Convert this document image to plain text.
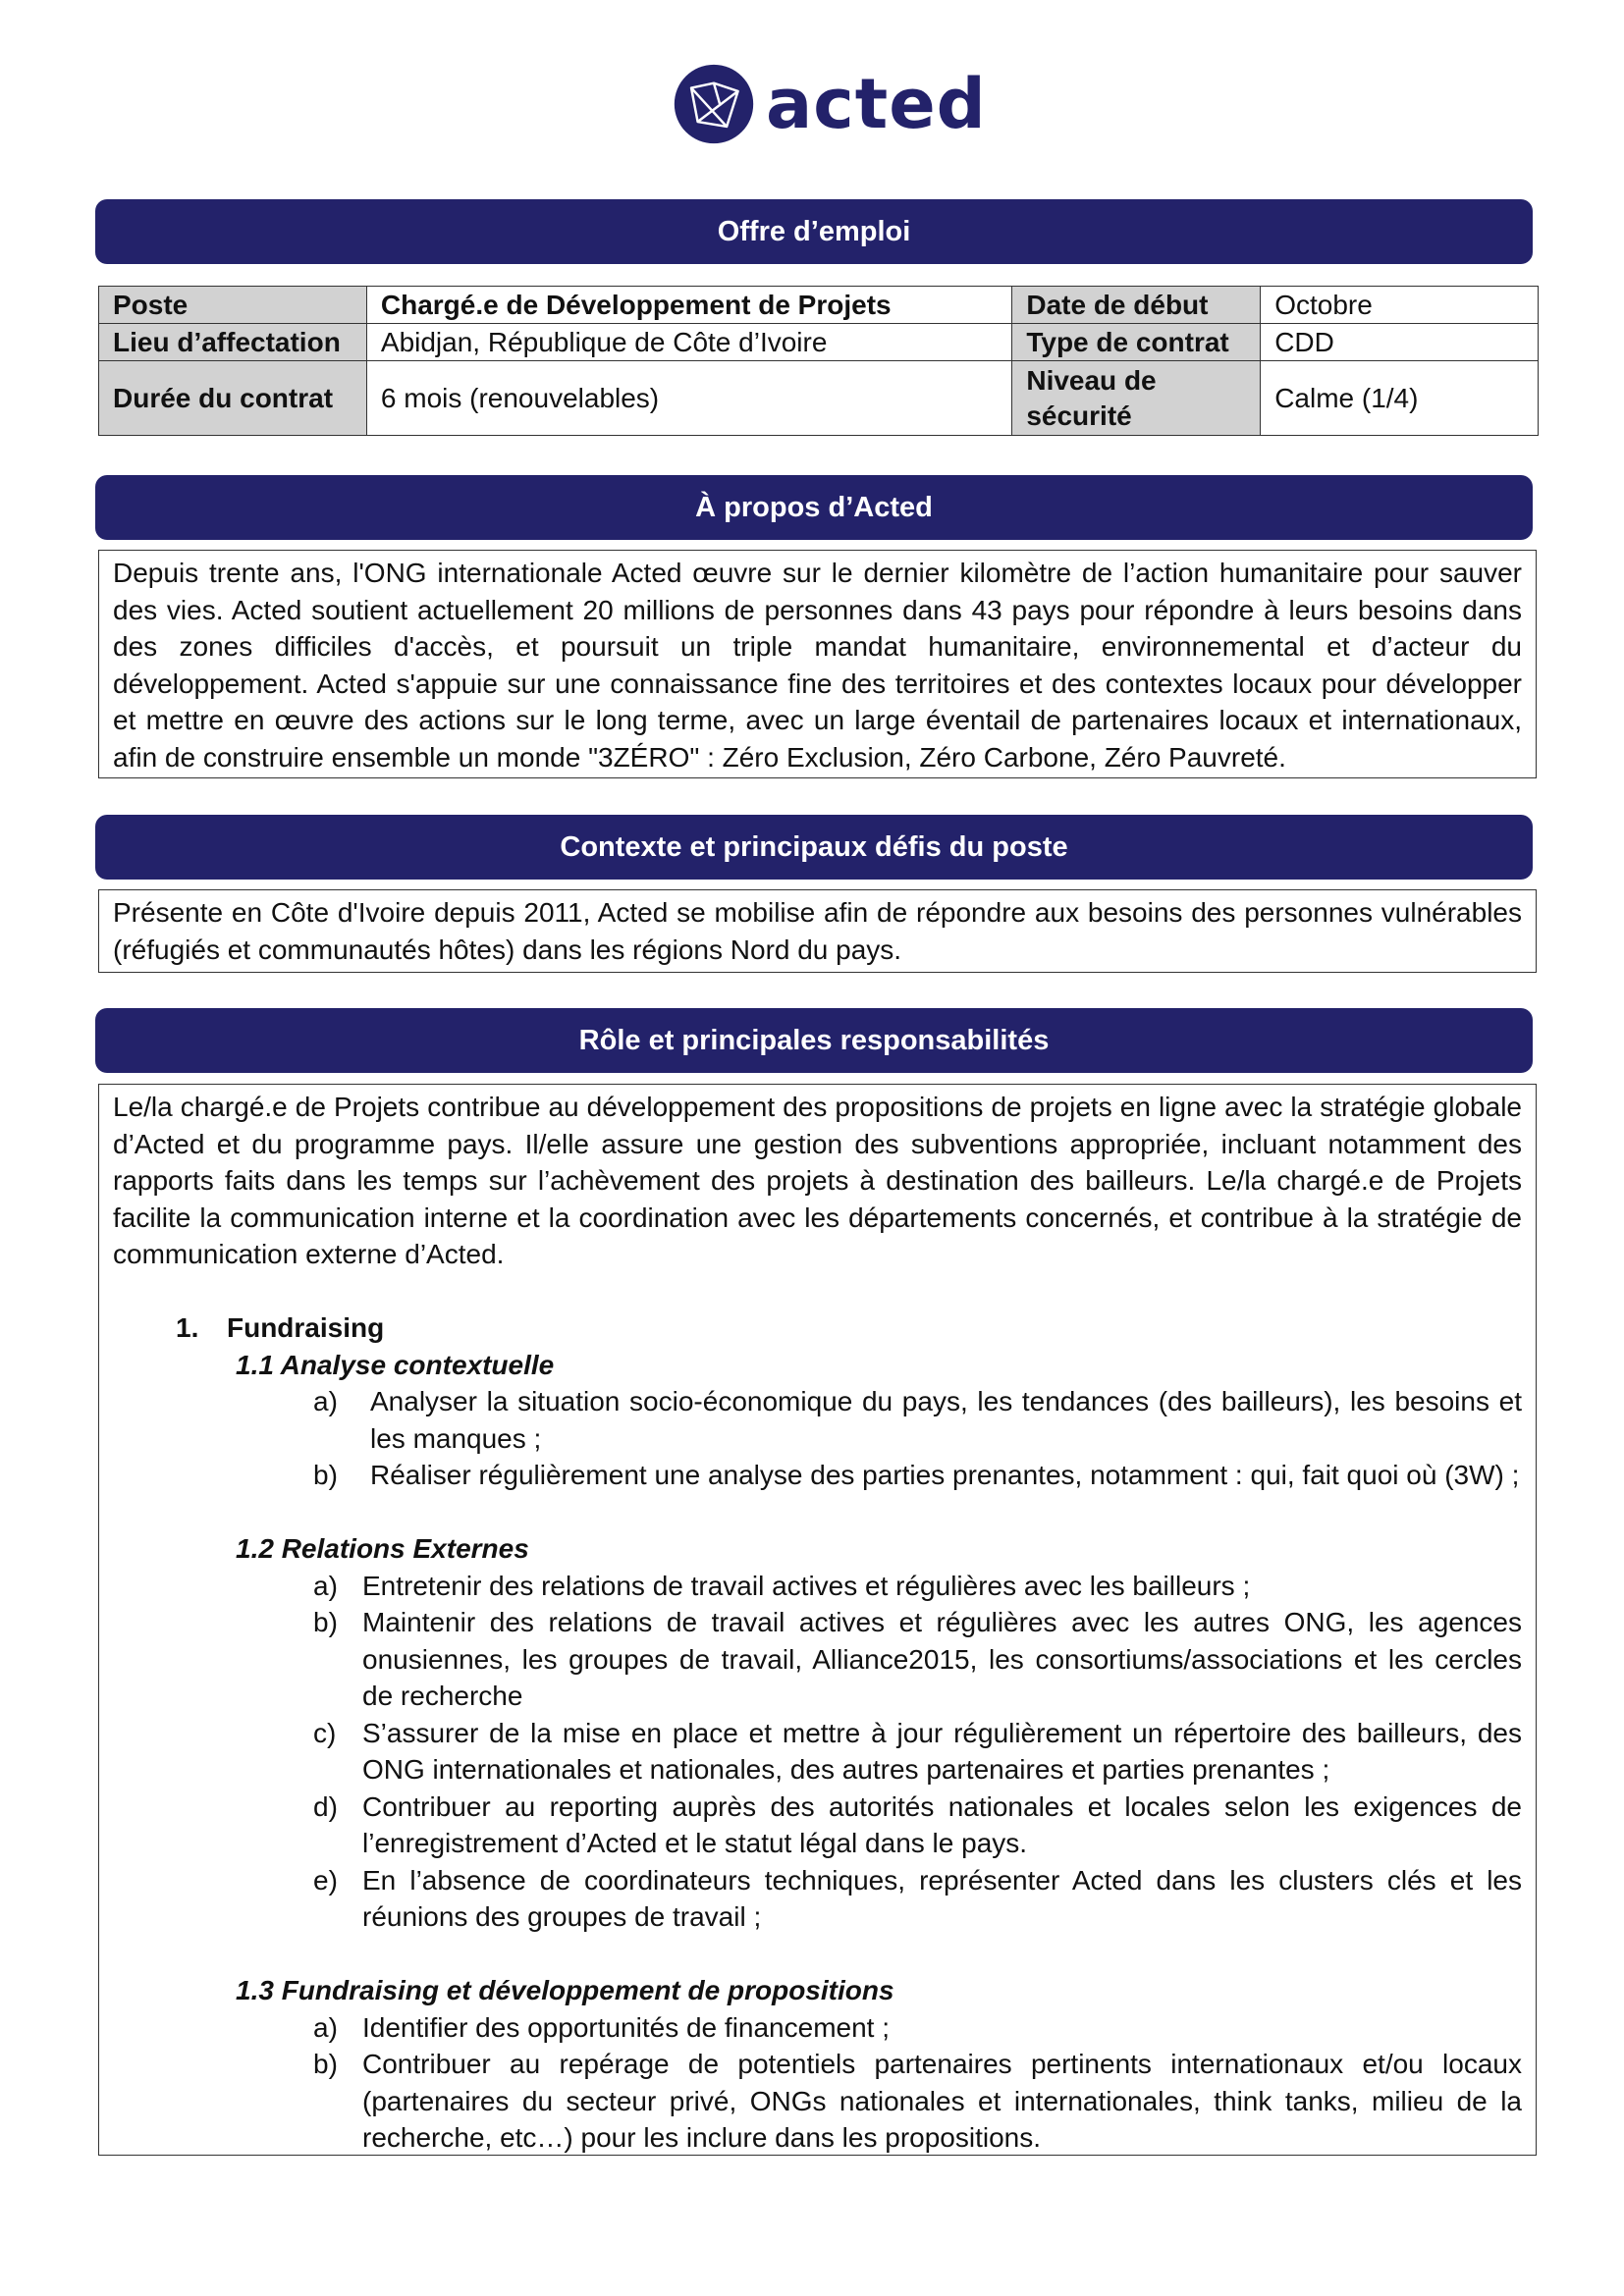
acted
Offre d’emploi
Poste	Chargé.e de Développement de Projets	Date de début	Octobre
Lieu d’affectation	Abidjan, République de Côte d’Ivoire	Type de contrat	CDD
Durée du contrat	6 mois (renouvelables)	Niveau de sécurité	Calme (1/4)
À propos d’Acted

Depuis trente ans, l'ONG internationale Acted œuvre sur le dernier kilomètre de l’action humanitaire pour sauver des vies. Acted soutient actuellement 20 millions de personnes dans 43 pays pour répondre à leurs besoins dans des zones difficiles d'accès, et poursuit un triple mandat humanitaire, environnemental et d’acteur du développement. Acted s'appuie sur une connaissance fine des territoires et des contextes locaux pour développer et mettre en œuvre des actions sur le long terme, avec un large éventail de partenaires locaux et internationaux, afin de construire ensemble un monde "3ZÉRO" : Zéro Exclusion, Zéro Carbone, Zéro Pauvreté.

Contexte et principaux défis du poste

Présente en Côte d'Ivoire depuis 2011, Acted se mobilise afin de répondre aux besoins des personnes vulnérables (réfugiés et communautés hôtes) dans les régions Nord du pays.

Rôle et principales responsabilités

Le/la chargé.e de Projets contribue au développement des propositions de projets en ligne avec la stratégie globale d’Acted et du programme pays. Il/elle assure une gestion des subventions appropriée, incluant notamment des rapports faits dans les temps sur l’achèvement des projets à destination des bailleurs. Le/la chargé.e de Projets facilite la communication interne et la coordination avec les départements concernés, et contribue à la stratégie de communication externe d’Acted.

1.	Fundraising
1.1 Analyse contextuelle
a)	Analyser la situation socio-économique du pays, les tendances (des bailleurs), les besoins et les manques ;
b)	Réaliser régulièrement une analyse des parties prenantes, notamment : qui, fait quoi où (3W) ;
1.2 Relations Externes
a) Entretenir des relations de travail actives et régulières avec les bailleurs ;
b) Maintenir des relations de travail actives et régulières avec les autres ONG, les agences onusiennes, les groupes de travail, Alliance2015, les consortiums/associations et les cercles de recherche
c) S’assurer de la mise en place et mettre à jour régulièrement un répertoire des bailleurs, des ONG internationales et nationales, des autres partenaires et parties prenantes ;
d) Contribuer au reporting auprès des autorités nationales et locales selon les exigences de l’enregistrement d’Acted et le statut légal dans le pays.
e) En l’absence de coordinateurs techniques, représenter Acted dans les clusters clés et les réunions des groupes de travail ;
1.3 Fundraising et développement de propositions
a) Identifier des opportunités de financement ;
b) Contribuer au repérage de potentiels partenaires pertinents internationaux et/ou locaux (partenaires du secteur privé, ONGs nationales et internationales, think tanks, milieu de la recherche, etc…) pour les inclure dans les propositions.
